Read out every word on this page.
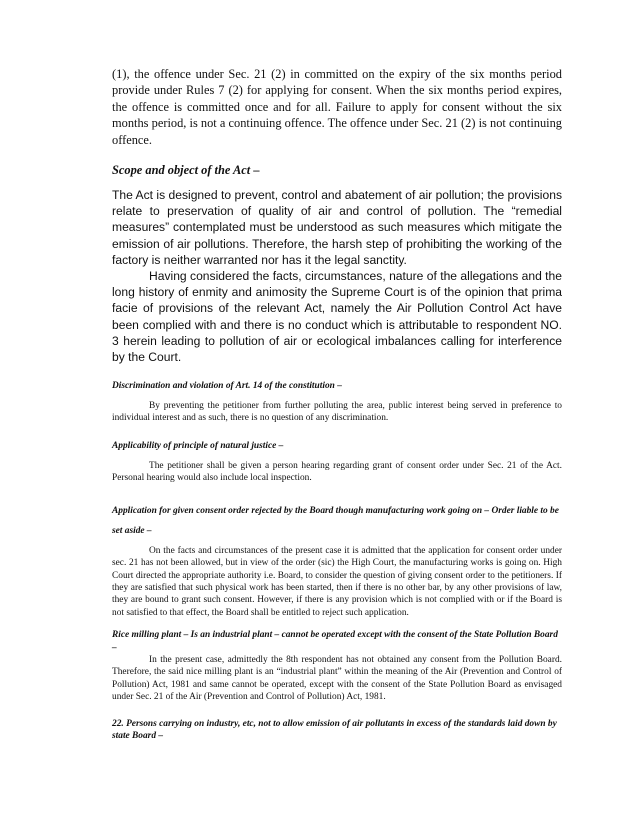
(1), the offence under Sec. 21 (2) in committed on the expiry of the six months period provide under Rules 7 (2) for applying for consent. When the six months period expires, the offence is committed once and for all. Failure to apply for consent without the six months period, is not a continuing offence. The offence under Sec. 21 (2) is not continuing offence.

Scope and object of the Act –

The Act is designed to prevent, control and abatement of air pollution; the provisions relate to preservation of quality of air and control of pollution. The “remedial measures” contemplated must be understood as such measures which mitigate the emission of air pollutions. Therefore, the harsh step of prohibiting the working of the factory is neither warranted nor has it the legal sanctity.

Having considered the facts, circumstances, nature of the allegations and the long history of enmity and animosity the Supreme Court is of the opinion that prima facie of provisions of the relevant Act, namely the Air Pollution Control Act have been complied with and there is no conduct which is attributable to respondent NO. 3 herein leading to pollution of air or ecological imbalances calling for interference by the Court.

Discrimination and violation of Art. 14 of the constitution –

By preventing the petitioner from further polluting the area, public interest being served in preference to individual interest and as such, there is no question of any discrimination.

Applicability of principle of natural justice –

The petitioner shall be given a person hearing regarding grant of consent order under Sec. 21 of the Act. Personal hearing would also include local inspection.

Application for given consent order rejected by the Board though manufacturing work going on – Order liable to be set aside –

On the facts and circumstances of the present case it is admitted that the application for consent order under sec. 21 has not been allowed, but in view of the order (sic) the High Court, the manufacturing works is going on. High Court directed the appropriate authority i.e. Board, to consider the question of giving consent order to the petitioners. If they are satisfied that such physical work has been started, then if there is no other bar, by any other provisions of law, they are bound to grant such consent. However, if there is any provision which is not complied with or if the Board is not satisfied to that effect, the Board shall be entitled to reject such application.

Rice milling plant – Is an industrial plant – cannot be operated except with the consent of the State Pollution Board –

In the present case, admittedly the 8th respondent has not obtained any consent from the Pollution Board. Therefore, the said nice milling plant is an “industrial plant” within the meaning of the Air (Prevention and Control of Pollution) Act, 1981 and same cannot be operated, except with the consent of the State Pollution Board as envisaged under Sec. 21 of the Air (Prevention and Control of Pollution) Act, 1981.

22. Persons carrying on industry, etc, not to allow emission of air pollutants in excess of the standards laid down by state Board –
